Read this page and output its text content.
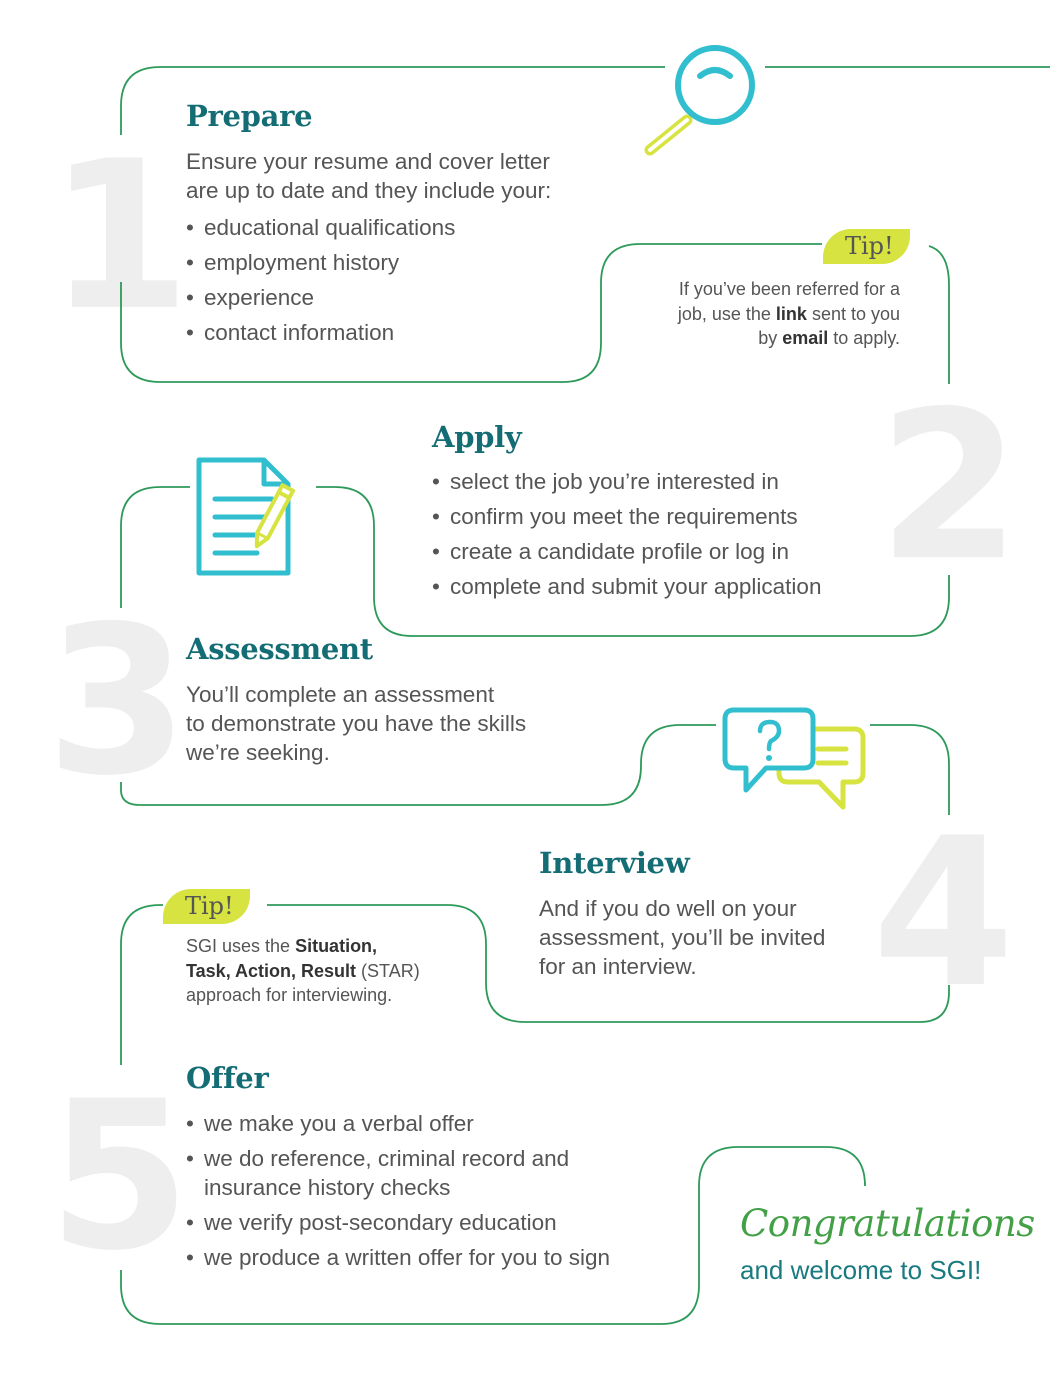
1
2
3
4
5
Prepare
Ensure your resume and cover letter
are up to date and they include your:
• educational qualifications
• employment history
• experience
• contact information
Tip!
If you’ve been referred for a
job, use the link sent to you
by email to apply.
Apply
• select the job you’re interested in
• confirm you meet the requirements
• create a candidate profile or log in
• complete and submit your application
Assessment
You’ll complete an assessment
to demonstrate you have the skills
we’re seeking.
Interview
And if you do well on your
assessment, you’ll be invited
for an interview.
Tip!
SGI uses the Situation,
Task, Action, Result (STAR)
approach for interviewing.
Offer
• we make you a verbal offer
• we do reference, criminal record and
insurance history checks
• we verify post-secondary education
• we produce a written offer for you to sign
Congratulations
and welcome to SGI!
